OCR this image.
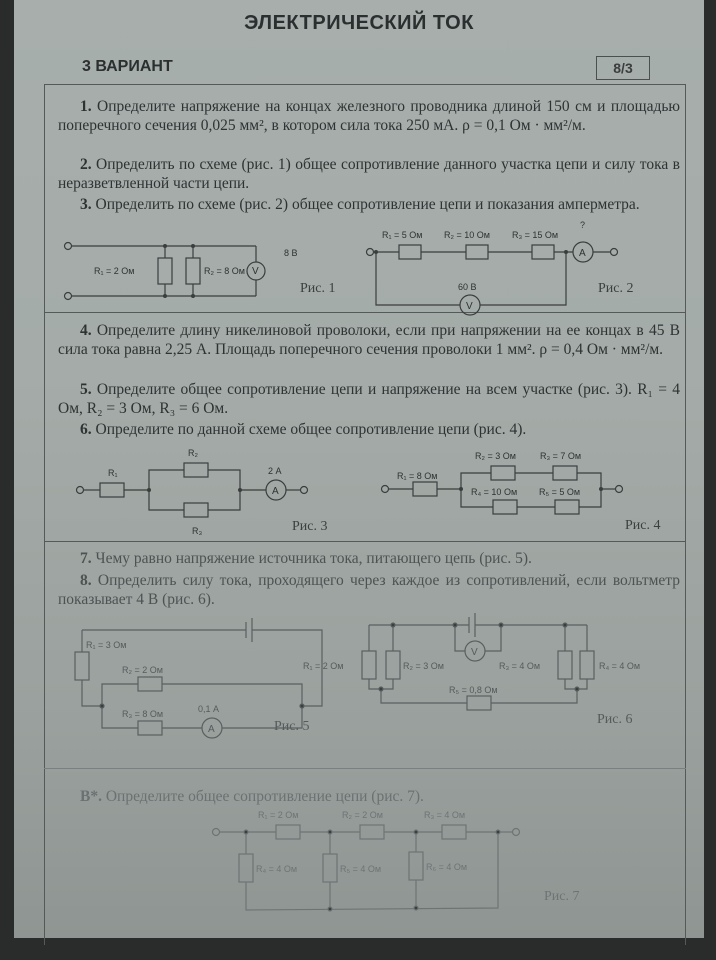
ЭЛЕКТРИЧЕСКИЙ ТОК
3 ВАРИАНТ	8/3
1. Определите напряжение на концах железного проводника длиной 150 см и площадью поперечного сечения 0,025 мм², в котором сила тока 250 мА. ρ = 0,1 Ом · мм²/м.
2. Определить по схеме (рис. 1) общее сопротивление данного участка цепи и силу тока в неразветвленной части цепи.
3. Определить по схеме (рис. 2) общее сопротивление цепи и показания амперметра.
R₁ = 2 Ом	R₂ = 8 Ом V
8 В
Рис. 1
R₁ = 5 Ом R₂ = 10 Ом R₃ = 15 Ом
A
?
V
60 В	Рис. 2
4. Определите длину никелиновой проволоки, если при напряжении на ее концах в 45 В сила тока равна 2,25 А. Площадь поперечного сечения проволоки 1 мм². ρ = 0,4 Ом · мм²/м.
5. Определите общее сопротивление цепи и напряжение на всем участке (рис. 3). R₁ = 4 Ом, R₂ = 3 Ом, R₃ = 6 Ом.
6. Определите по данной схеме общее сопротивление цепи (рис. 4).
R₁
R₂
R₃
A
2 А
Рис. 3
R₁ = 8 Ом
R₂ = 3 Ом	R₃ = 7 Ом
R₄ = 10 Ом R₅ = 5 Ом
Рис. 4
7. Чему равно напряжение источника тока, питающего цепь (рис. 5).
8. Определить силу тока, проходящего через каждое из сопротивлений, если вольтметр показывает 4 В (рис. 6).
R₁ = 3 Ом
R₂ = 2 Ом
R₃ = 8 Ом
A
0,1 А
Рис. 5
R₁ = 2 Ом	R₂ = 3 Ом	R₃ = 4 Ом	R₄ = 4 Ом
R₅ = 0,8 Ом
V
Рис. 6
В*. Определите общее сопротивление цепи (рис. 7).
R₁ = 2 Ом	R₂ = 2 Ом	R₃ = 4 Ом
R₄ = 4 Ом	R₅ = 4 Ом	R₆ = 4 Ом
Рис. 7
